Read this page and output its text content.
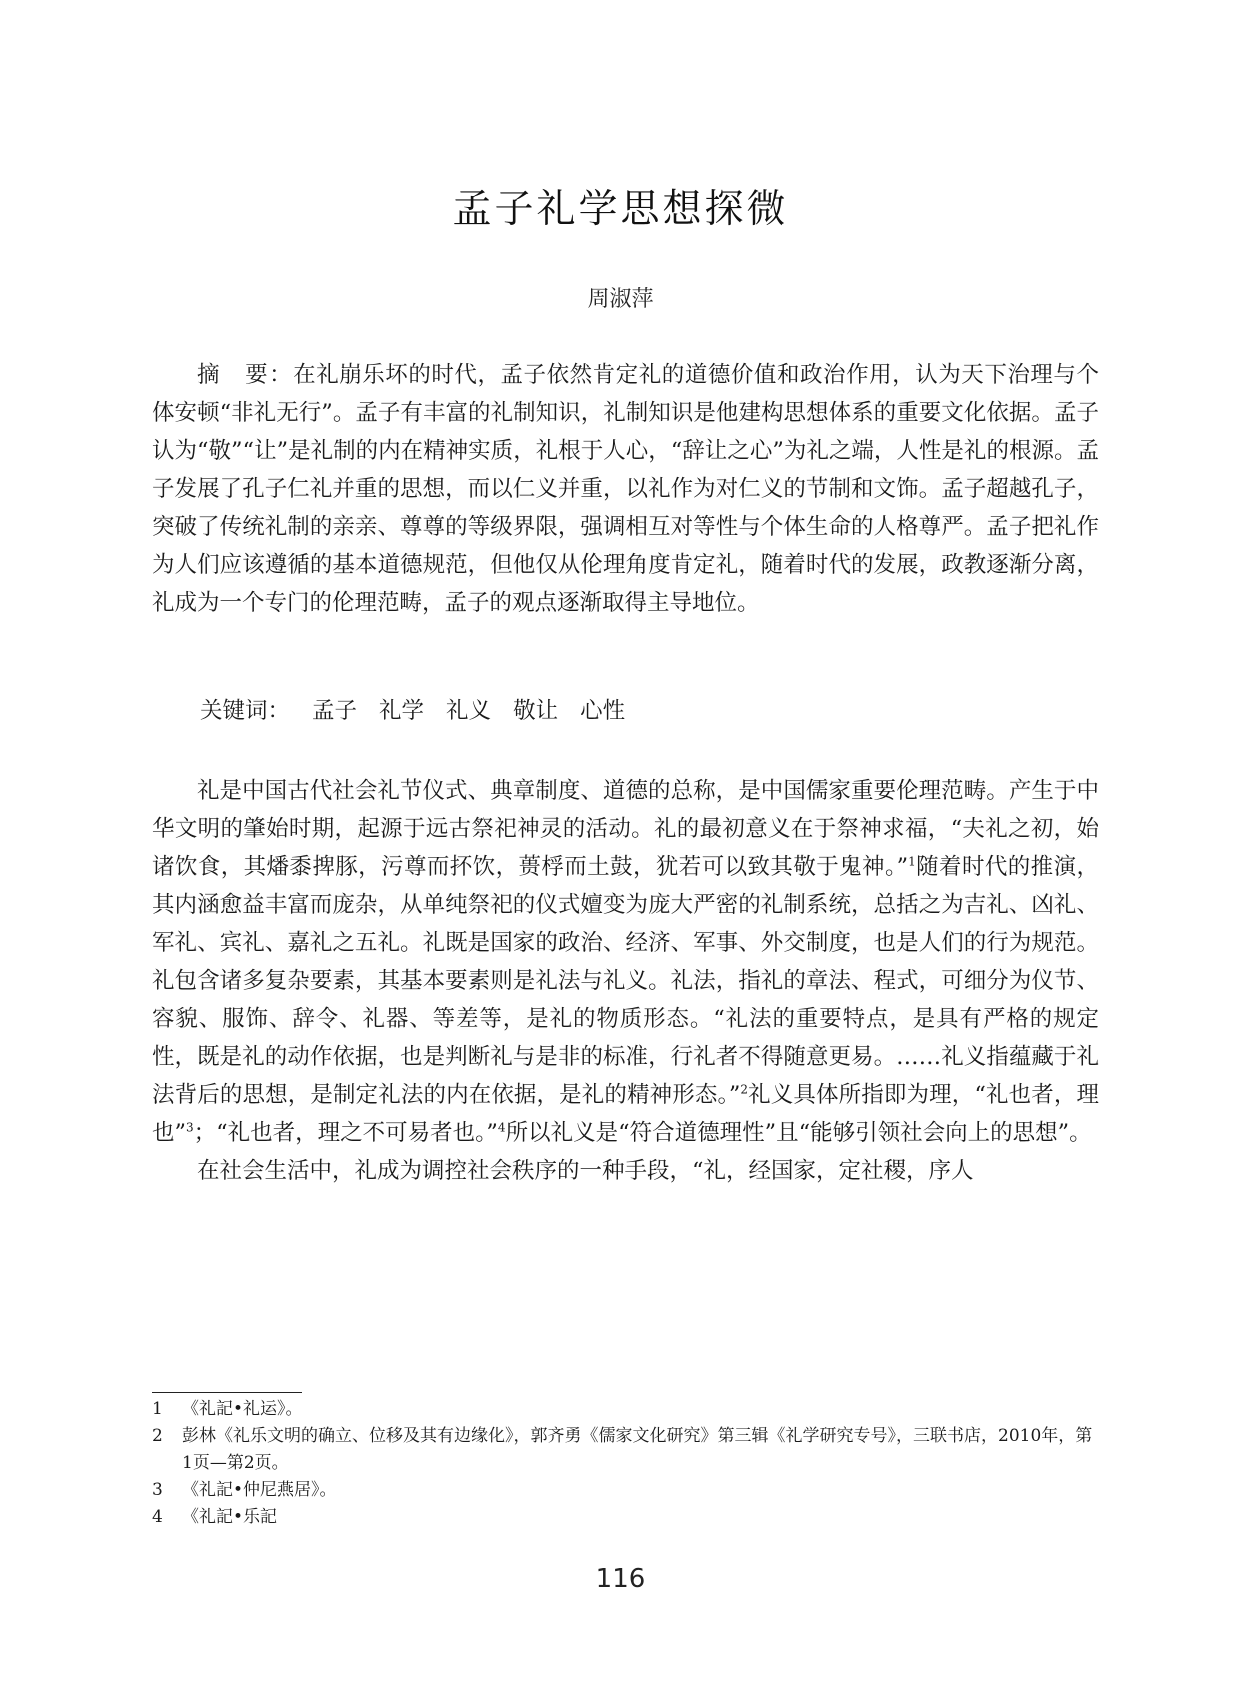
孟子礼学思想探微
周淑萍

摘　要：在礼崩乐坏的时代，孟子依然肯定礼的道德价值和政治作用，认为天下治理与个体安顿“非礼无行”。孟子有丰富的礼制知识，礼制知识是他建构思想体系的重要文化依据。孟子认为“敬”“让”是礼制的内在精神实质，礼根于人心，“辞让之心”为礼之端，人性是礼的根源。孟子发展了孔子仁礼并重的思想，而以仁义并重，以礼作为对仁义的节制和文饰。孟子超越孔子，突破了传统礼制的亲亲、尊尊的等级界限，强调相互对等性与个体生命的人格尊严。孟子把礼作为人们应该遵循的基本道德规范，但他仅从伦理角度肯定礼，随着时代的发展，政教逐渐分离，礼成为一个专门的伦理范畴，孟子的观点逐渐取得主导地位。

关键词： 孟子 礼学 礼义 敬让 心性

礼是中国古代社会礼节仪式、典章制度、道德的总称，是中国儒家重要伦理范畴。产生于中华文明的肇始时期，起源于远古祭祀神灵的活动。礼的最初意义在于祭神求福，“夫礼之初，始诸饮食，其燔黍捭豚，污尊而抔饮，蒉桴而土鼓，犹若可以致其敬于鬼神。”$^1$随着时代的推演，其内涵愈益丰富而庞杂，从单纯祭祀的仪式嬗变为庞大严密的礼制系统，总括之为吉礼、凶礼、军礼、宾礼、嘉礼之五礼。礼既是国家的政治、经济、军事、外交制度，也是人们的行为规范。礼包含诸多复杂要素，其基本要素则是礼法与礼义。礼法，指礼的章法、程式，可细分为仪节、容貌、服饰、辞令、礼器、等差等，是礼的物质形态。“礼法的重要特点，是具有严格的规定性，既是礼的动作依据，也是判断礼与是非的标准，行礼者不得随意更易。……礼义指蕴藏于礼法背后的思想，是制定礼法的内在依据，是礼的精神形态。”$^2$礼义具体所指即为理，“礼也者，理也”$^3$；“礼也者，理之不可易者也。”$^4$所以礼义是“符合道德理性”且“能够引领社会向上的思想”。

在社会生活中，礼成为调控社会秩序的一种手段，“礼，经国家，定社稷，序人

1	《礼記•礼运》。
2	彭林《礼乐文明的确立、位移及其有边缘化》，郭齐勇《儒家文化研究》第三辑《礼学研究专号》，三联书店，2010年，第1页—第2页。
3	《礼記•仲尼燕居》。
4	《礼記•乐記
116
